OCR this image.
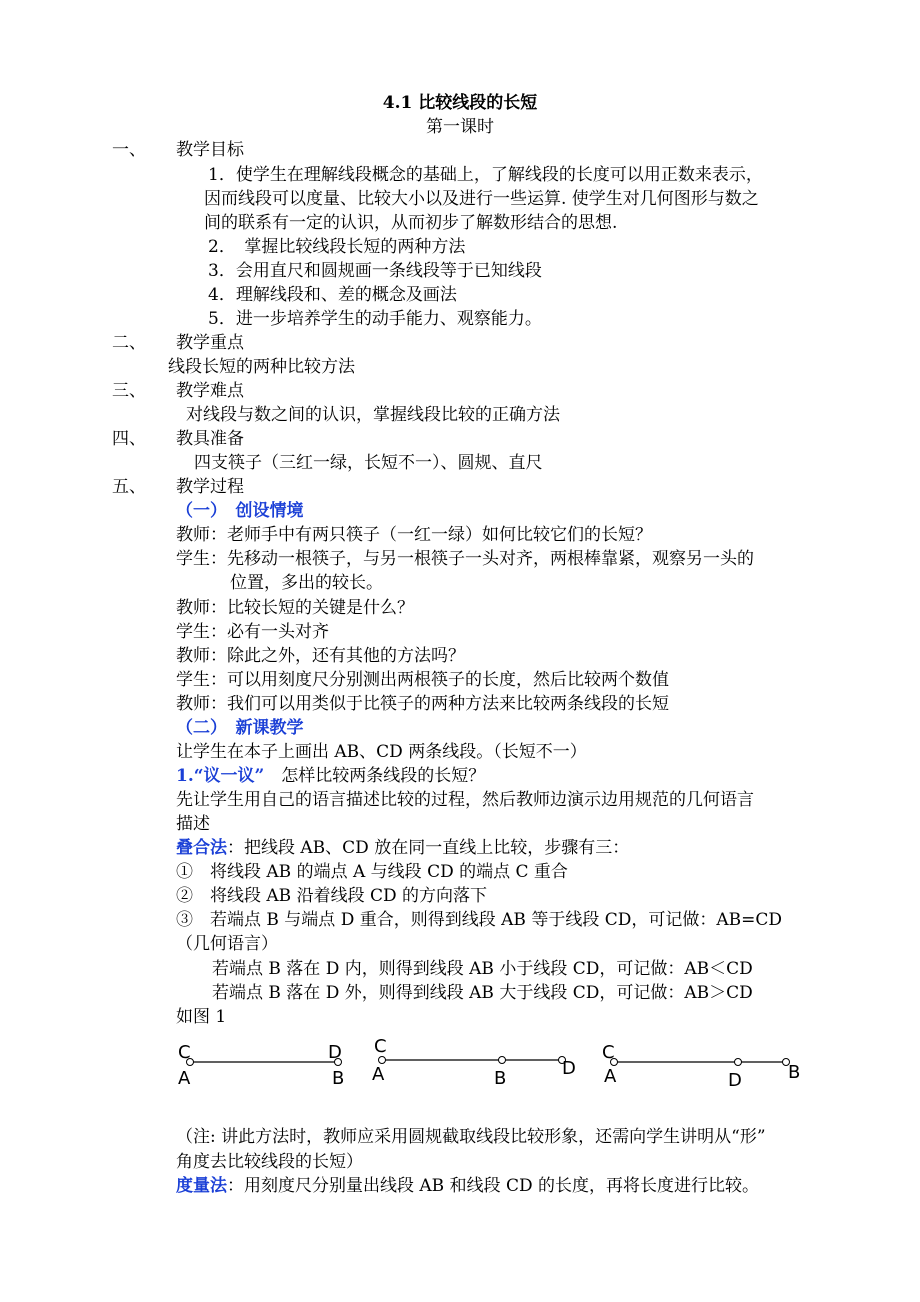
4.1 比较线段的长短
第一课时
一、 教学目标
1．使学生在理解线段概念的基础上，了解线段的长度可以用正数来表示，
因而线段可以度量、比较大小以及进行一些运算. 使学生对几何图形与数之
间的联系有一定的认识，从而初步了解数形结合的思想.
2．　掌握比较线段长短的两种方法
3．会用直尺和圆规画一条线段等于已知线段
4．理解线段和、差的概念及画法
5．进一步培养学生的动手能力、观察能力。
二、 教学重点
线段长短的两种比较方法
三、 教学难点
对线段与数之间的认识，掌握线段比较的正确方法
四、 教具准备
四支筷子（三红一绿，长短不一）、圆规、直尺
五、 教学过程
（一）　创设情境
教师：老师手中有两只筷子（一红一绿）如何比较它们的长短？
学生：先移动一根筷子，与另一根筷子一头对齐，两根棒靠紧，观察另一头的
位置，多出的较长。
教师：比较长短的关键是什么？
学生：必有一头对齐
教师：除此之外，还有其他的方法吗？
学生：可以用刻度尺分别测出两根筷子的长度，然后比较两个数值
教师：我们可以用类似于比筷子的两种方法来比较两条线段的长短
（二）　新课教学
让学生在本子上画出 AB、CD 两条线段。（长短不一）
1.“议一议”　怎样比较两条线段的长短？
先让学生用自己的语言描述比较的过程，然后教师边演示边用规范的几何语言
描述
叠合法：把线段 AB、CD 放在同一直线上比较，步骤有三：
①　将线段 AB 的端点 A 与线段 CD 的端点 C 重合
②　将线段 AB 沿着线段 CD 的方向落下
③　若端点 B 与端点 D 重合，则得到线段 AB 等于线段 CD，可记做：AB=CD
（几何语言）
若端点 B 落在 D 内，则得到线段 AB 小于线段 CD，可记做：AB＜CD
若端点 B 落在 D 外，则得到线段 AB 大于线段 CD，可记做：AB＞CD
如图 1
C
A
D
B
C
A	B	D
C
A	D	B
（注: 讲此方法时，教师应采用圆规截取线段比较形象，还需向学生讲明从“形”
角度去比较线段的长短）
度量法：用刻度尺分别量出线段 AB 和线段 CD 的长度，再将长度进行比较。
